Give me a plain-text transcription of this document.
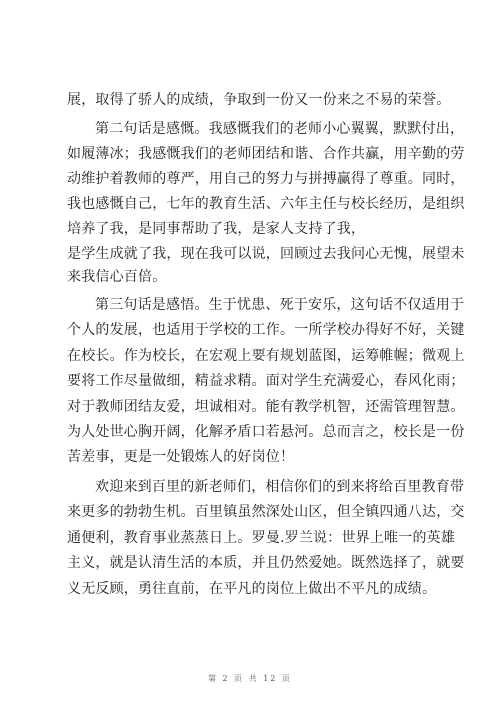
展，取得了骄人的成绩，争取到一份又一份来之不易的荣誉。
第二句话是感慨。我感慨我们的老师小心翼翼，默默付出，
如履薄冰；我感慨我们的老师团结和谐、合作共赢，用辛勤的劳
动维护着教师的尊严，用自己的努力与拼搏赢得了尊重。同时，
我也感慨自己，七年的教育生活、六年主任与校长经历，是组织
培养了我，是同事帮助了我，是家人支持了我，
是学生成就了我，现在我可以说，回顾过去我问心无愧，展望未
来我信心百倍。
第三句话是感悟。生于忧患、死于安乐，这句话不仅适用于
个人的发展，也适用于学校的工作。一所学校办得好不好，关键
在校长。作为校长，在宏观上要有规划蓝图，运筹帷幄；微观上
要将工作尽量做细，精益求精。面对学生充满爱心，春风化雨；
对于教师团结友爱，坦诚相对。能有教学机智，还需管理智慧。
为人处世心胸开阔，化解矛盾口若悬河。总而言之，校长是一份
苦差事，更是一处锻炼人的好岗位！
欢迎来到百里的新老师们，相信你们的到来将给百里教育带
来更多的勃勃生机。百里镇虽然深处山区，但全镇四通八达，交
通便利，教育事业蒸蒸日上。罗曼.罗兰说：世界上唯一的英雄
主义，就是认清生活的本质，并且仍然爱她。既然选择了，就要
义无反顾，勇往直前，在平凡的岗位上做出不平凡的成绩。
第 2 页 共 12 页
